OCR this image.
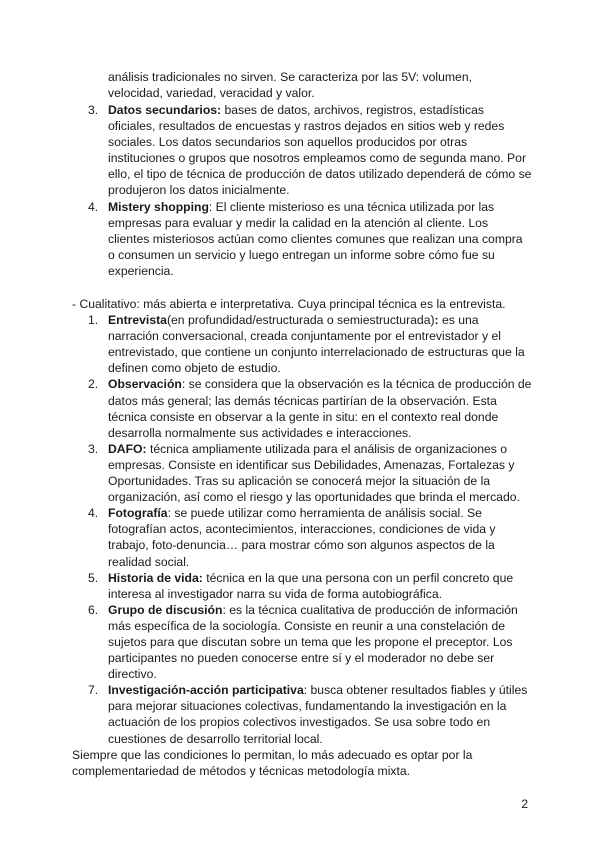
análisis tradicionales no sirven. Se caracteriza por las 5V: volumen, velocidad, variedad, veracidad y valor.

3. Datos secundarios: bases de datos, archivos, registros, estadísticas oficiales, resultados de encuestas y rastros dejados en sitios web y redes sociales. Los datos secundarios son aquellos producidos por otras instituciones o grupos que nosotros empleamos como de segunda mano. Por ello, el tipo de técnica de producción de datos utilizado dependerá de cómo se produjeron los datos inicialmente.
4. Mistery shopping: El cliente misterioso es una técnica utilizada por las empresas para evaluar y medir la calidad en la atención al cliente. Los clientes misteriosos actúan como clientes comunes que realizan una compra o consumen un servicio y luego entregan un informe sobre cómo fue su experiencia.

- Cualitativo: más abierta e interpretativa. Cuya principal técnica es la entrevista.

1. Entrevista(en profundidad/estructurada o semiestructurada): es una narración conversacional, creada conjuntamente por el entrevistador y el entrevistado, que contiene un conjunto interrelacionado de estructuras que la definen como objeto de estudio.
2. Observación: se considera que la observación es la técnica de producción de datos más general; las demás técnicas partirían de la observación. Esta técnica consiste en observar a la gente in situ: en el contexto real donde desarrolla normalmente sus actividades e interacciones.
3. DAFO: técnica ampliamente utilizada para el análisis de organizaciones o empresas. Consiste en identificar sus Debilidades, Amenazas, Fortalezas y Oportunidades. Tras su aplicación se conocerá mejor la situación de la organización, así como el riesgo y las oportunidades que brinda el mercado.
4. Fotografía: se puede utilizar como herramienta de análisis social. Se fotografían actos, acontecimientos, interacciones, condiciones de vida y trabajo, foto-denuncia… para mostrar cómo son algunos aspectos de la realidad social.
5. Historia de vida: técnica en la que una persona con un perfil concreto que interesa al investigador narra su vida de forma autobiográfica.
6. Grupo de discusión: es la técnica cualitativa de producción de información más específica de la sociología. Consiste en reunir a una constelación de sujetos para que discutan sobre un tema que les propone el preceptor. Los participantes no pueden conocerse entre sí y el moderador no debe ser directivo.
7. Investigación-acción participativa: busca obtener resultados fiables y útiles para mejorar situaciones colectivas, fundamentando la investigación en la actuación de los propios colectivos investigados. Se usa sobre todo en cuestiones de desarrollo territorial local.

Siempre que las condiciones lo permitan, lo más adecuado es optar por la complementariedad de métodos y técnicas metodología mixta.

2
